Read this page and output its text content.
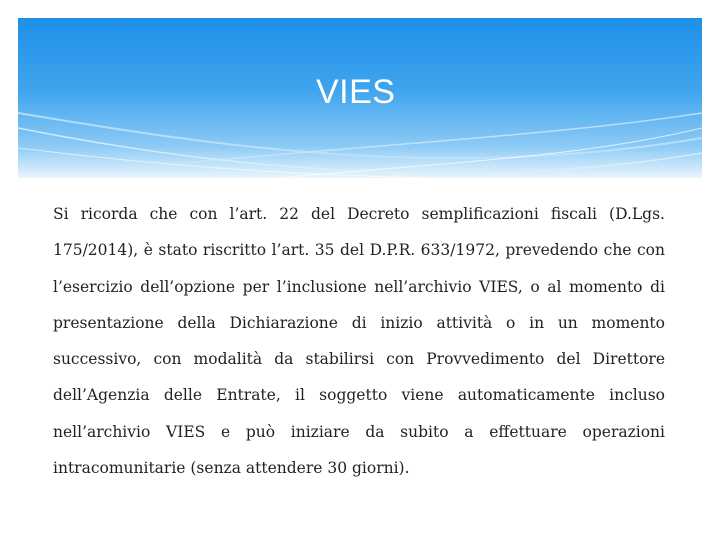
VIES

Si ricorda che con l’art. 22 del Decreto semplificazioni fiscali (D.Lgs. 175/2014), è stato riscritto l’art. 35 del D.P.R. 633/1972, prevedendo che con l’esercizio dell’opzione per l’inclusione nell’archivio VIES, o al momento di presentazione della Dichiarazione di inizio attività o in un momento successivo, con modalità da stabilirsi con Provvedimento del Direttore dell’Agenzia delle Entrate, il soggetto viene automaticamente incluso nell’archivio VIES e può iniziare da subito a effettuare operazioni intracomunitarie (senza attendere 30 giorni).
